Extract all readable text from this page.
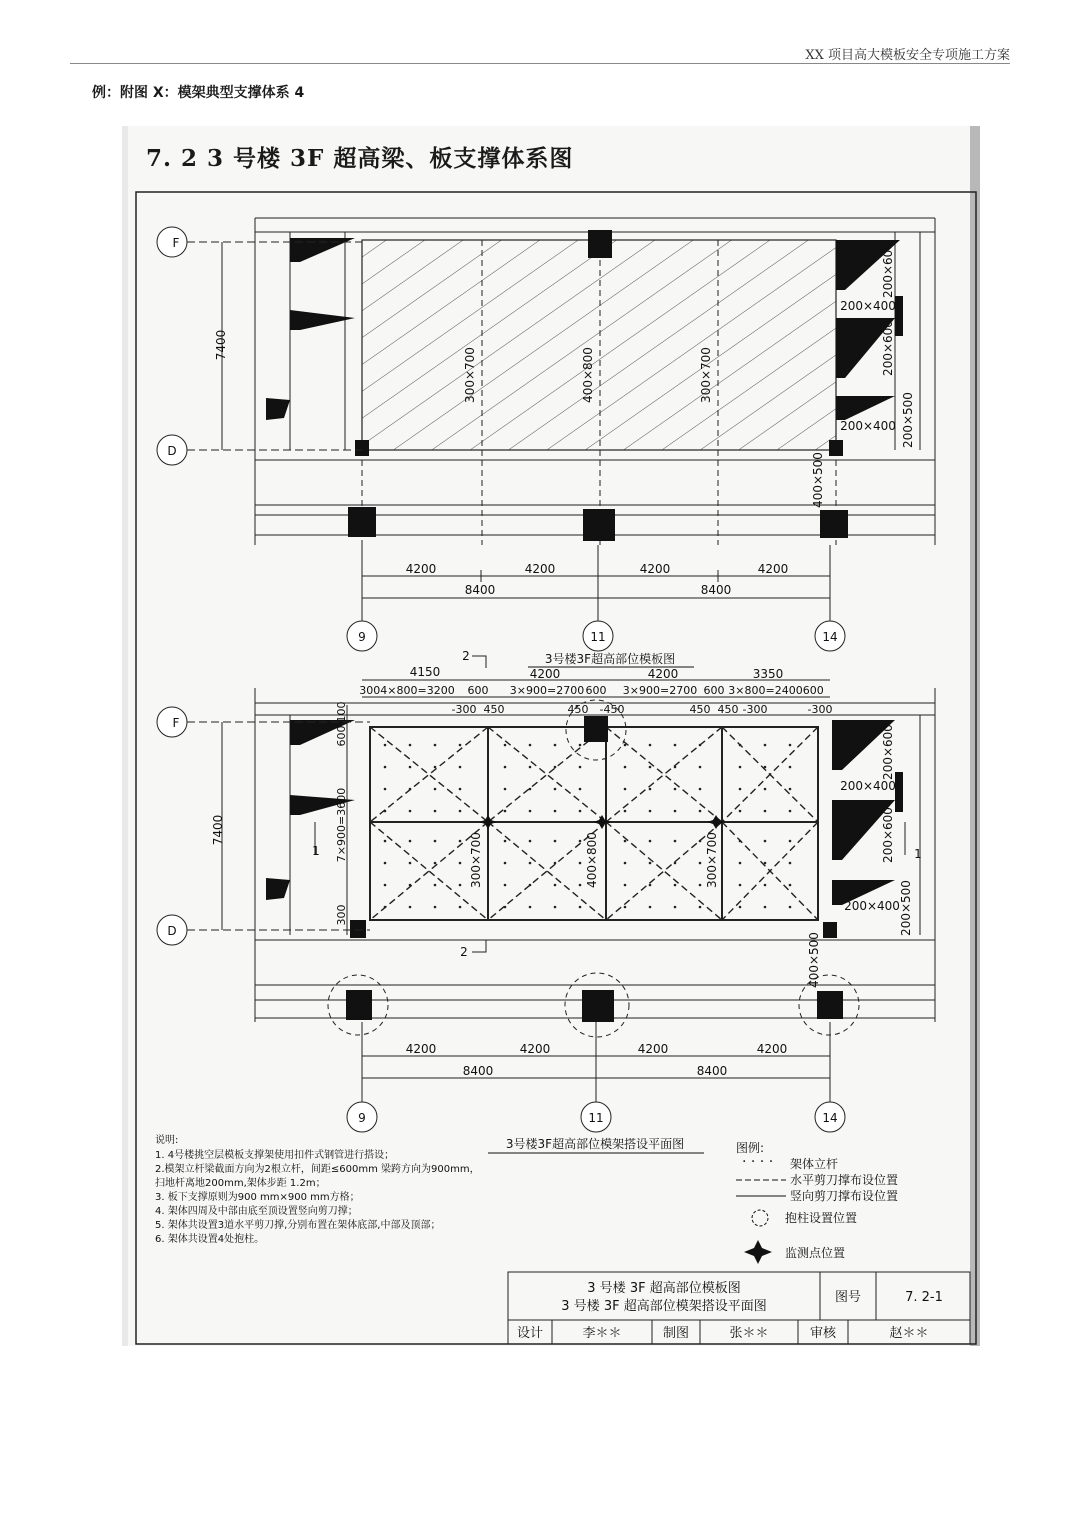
XX 项目高大模板安全专项施工方案
例：附图 X：模架典型支撑体系 4
7. 2 3 号楼 3F 超高梁、板支撑体系图
F
D
9	11	14
7400
4200	4200	4200	4200
8400	8400
300×700	400×800	300×700
200×600
200×400
200×600
200×400 200×500
400×500
F
D
9	11	14
7400
4150	4200	4200	3350
3004×800=3200 600 3×900=2700 600 3×900=2700 600 3×800=2400600
-300 450	450 -450	450 450 -300	-300
600
100
7×900=3600
300
1	1
2
2
300×700	400×800	300×700
200×600
200×400
200×600
200×400 200×500
400×500
4200	4200	4200	4200
8400	8400
3号楼3F超高部位模板图
3号楼3F超高部位模架搭设平面图
说明:
1. 4号楼挑空层模板支撑架使用扣件式钢管进行搭设；
2.模架立杆梁截面方向为2根立杆，间距≤600mm 梁跨方向为900mm，
扫地杆离地200mm,架体步距 1.2m；
3. 板下支撑原则为900 mm×900 mm方格；
4. 架体四周及中部由底至顶设置竖向剪刀撑；
5. 架体共设置3道水平剪刀撑,分别布置在架体底部,中部及顶部；
6. 架体共设置4处抱柱。
图例:
· · · · 架体立杆
水平剪刀撑布设位置
竖向剪刀撑布设位置
抱柱设置位置
监测点位置
3 号楼 3F 超高部位模板图
3 号楼 3F 超高部位模架搭设平面图
图号	7. 2-1
设计	李＊＊	制图	张＊＊	审核	赵＊＊
